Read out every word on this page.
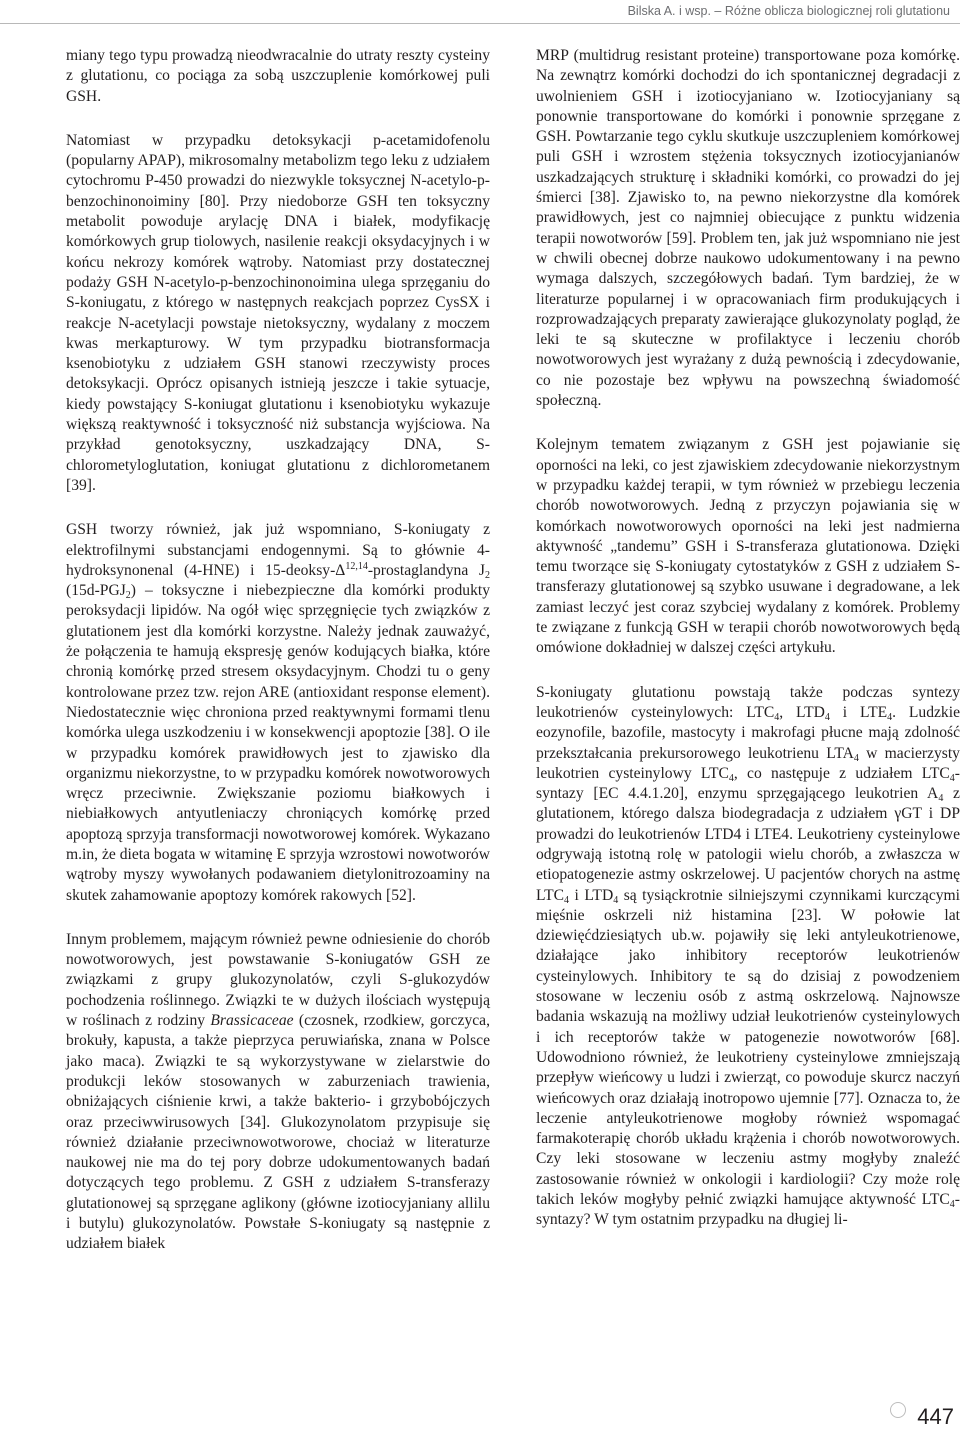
Bilska A. i wsp. – Różne oblicza biologicznej roli glutationu

miany tego typu prowadzą nieodwracalnie do utraty reszty cysteiny z glutationu, co pociąga za sobą uszczuplenie komórkowej puli GSH.

Natomiast w przypadku detoksykacji p-acetamidofenolu (popularny APAP), mikrosomalny metabolizm tego leku z udziałem cytochromu P-450 prowadzi do niezwykle toksycznej N-acetylo-p-benzochinonoiminy [80]. Przy niedoborze GSH ten toksyczny metabolit powoduje arylację DNA i białek, modyfikację komórkowych grup tiolowych, nasilenie reakcji oksydacyjnych i w końcu nekrozy komórek wątroby. Natomiast przy dostatecznej podaży GSH N-acetylo-p-benzochinonoimina ulega sprzęganiu do S-koniugatu, z którego w następnych reakcjach poprzez CysSX i reakcje N-acetylacji powstaje nietoksyczny, wydalany z moczem kwas merkapturowy. W tym przypadku biotransformacja ksenobiotyku z udziałem GSH stanowi rzeczywisty proces detoksykacji. Oprócz opisanych istnieją jeszcze i takie sytuacje, kiedy powstający S-koniugat glutationu i ksenobiotyku wykazuje większą reaktywność i toksyczność niż substancja wyjściowa. Na przykład genotoksyczny, uszkadzający DNA, S-chlorometyloglutation, koniugat glutationu z dichlorometanem [39].

GSH tworzy również, jak już wspomniano, S-koniugaty z elektrofilnymi substancjami endogennymi. Są to głównie 4-hydroksynonenal (4-HNE) i $15-deoksy-\Delta^{12,14}$-prostaglandyna $J_2$ $(15d-PGJ_2)$ – toksyczne i niebezpieczne dla komórki produkty peroksydacji lipidów. Na ogół więc sprzęgnięcie tych związków z glutationem jest dla komórki korzystne. Należy jednak zauważyć, że połączenia te hamują ekspresję genów kodujących białka, które chronią komórkę przed stresem oksydacyjnym. Chodzi tu o geny kontrolowane przez tzw. rejon ARE (antioxidant response element). Niedostatecznie więc chroniona przed reaktywnymi formami tlenu komórka ulega uszkodzeniu i w konsekwencji apoptozie [38]. O ile w przypadku komórek prawidłowych jest to zjawisko dla organizmu niekorzystne, to w przypadku komórek nowotworowych wręcz przeciwnie. Zwiększanie poziomu białkowych i niebiałkowych antyutleniaczy chroniących komórkę przed apoptozą sprzyja transformacji nowotworowej komórek. Wykazano m.in, że dieta bogata w witaminę E sprzyja wzrostowi nowotworów wątroby myszy wywołanych podawaniem dietylonitrozoaminy na skutek zahamowanie apoptozy komórek rakowych [52].

Innym problemem, mającym również pewne odniesienie do chorób nowotworowych, jest powstawanie S-koniugatów GSH ze związkami z grupy glukozynolatów, czyli S-glukozydów pochodzenia roślinnego. Związki te w dużych ilościach występują w roślinach z rodziny Brassicaceae (czosnek, rzodkiew, gorczyca, brokuły, kapusta, a także pieprzyca peruwiańska, znana w Polsce jako maca). Związki te są wykorzystywane w zielarstwie do produkcji leków stosowanych w zaburzeniach trawienia, obniżających ciśnienie krwi, a także bakterio- i grzybobójczych oraz przeciwwirusowych [34]. Glukozynolatom przypisuje się również działanie przeciwnowotworowe, chociaż w literaturze naukowej nie ma do tej pory dobrze udokumentowanych badań dotyczących tego problemu. Z GSH z udziałem S-transferazy glutationowej są sprzęgane aglikony (główne izotiocyjaniany allilu i butylu) glukozynolatów. Powstałe S-koniugaty są następnie z udziałem białek

MRP (multidrug resistant proteine) transportowane poza komórkę. Na zewnątrz komórki dochodzi do ich spontanicznej degradacji z uwolnieniem GSH i izotiocyjaniano w. Izotiocyjaniany są ponownie transportowane do komórki i ponownie sprzęgane z GSH. Powtarzanie tego cyklu skutkuje uszczupleniem komórkowej puli GSH i wzrostem stężenia toksycznych izotiocyjanianów uszkadzających strukturę i składniki komórki, co prowadzi do jej śmierci [38]. Zjawisko to, na pewno niekorzystne dla komórek prawidłowych, jest co najmniej obiecujące z punktu widzenia terapii nowotworów [59]. Problem ten, jak już wspomniano nie jest w chwili obecnej dobrze naukowo udokumentowany i na pewno wymaga dalszych, szczegółowych badań. Tym bardziej, że w literaturze popularnej i w opracowaniach firm produkujących i rozprowadzających preparaty zawierające glukozynolaty pogląd, że leki te są skuteczne w profilaktyce i leczeniu chorób nowotworowych jest wyrażany z dużą pewnością i zdecydowanie, co nie pozostaje bez wpływu na powszechną świadomość społeczną.

Kolejnym tematem związanym z GSH jest pojawianie się oporności na leki, co jest zjawiskiem zdecydowanie niekorzystnym w przypadku każdej terapii, w tym również w przebiegu leczenia chorób nowotworowych. Jedną z przyczyn pojawiania się w komórkach nowotworowych oporności na leki jest nadmierna aktywność „tandemu” GSH i S-transferaza glutationowa. Dzięki temu tworzące się S-koniugaty cytostatyków z GSH z udziałem S-transferazy glutationowej są szybko usuwane i degradowane, a lek zamiast leczyć jest coraz szybciej wydalany z komórek. Problemy te związane z funkcją GSH w terapii chorób nowotworowych będą omówione dokładniej w dalszej części artykułu.

S-koniugaty glutationu powstają także podczas syntezy leukotrienów cysteinylowych: $LTC_4$, $LTD_4$ i $LTE_4$. Ludzkie eozynofile, bazofile, mastocyty i makrofagi płucne mają zdolność przekształcania prekursorowego leukotrienu $LTA_4$ w macierzysty leukotrien cysteinylowy $LTC_4$, co następuje z udziałem $LTC_4$-syntazy [EC 4.4.1.20], enzymu sprzęgającego leukotrien $A_4$ z glutationem, którego dalsza biodegradacja z udziałem γGT i DP prowadzi do leukotrienów LTD4 i LTE4. Leukotrieny cysteinylowe odgrywają istotną rolę w patologii wielu chorób, a zwłaszcza w etiopatogenezie astmy oskrzelowej. U pacjentów chorych na astmę $LTC_4$ i $LTD_4$ są tysiąckrotnie silniejszymi czynnikami kurczącymi mięśnie oskrzeli niż histamina [23]. W połowie lat dziewięćdziesiątych ub.w. pojawiły się leki antyleukotrienowe, działające jako inhibitory receptorów leukotrienów cysteinylowych. Inhibitory te są do dzisiaj z powodzeniem stosowane w leczeniu osób z astmą oskrzelową. Najnowsze badania wskazują na możliwy udział leukotrienów cysteinylowych i ich receptorów także w patogenezie nowotworów [68]. Udowodniono również, że leukotrieny cysteinylowe zmniejszają przepływ wieńcowy u ludzi i zwierząt, co powoduje skurcz naczyń wieńcowych oraz działają inotropowo ujemnie [77]. Oznacza to, że leczenie antyleukotrienowe mogłoby również wspomagać farmakoterapię chorób układu krążenia i chorób nowotworowych. Czy leki stosowane w leczeniu astmy mogłyby znaleźć zastosowanie również w onkologii i kardiologii? Czy może rolę takich leków mogłyby pełnić związki hamujące aktywność $LTC_4$-syntazy? W tym ostatnim przypadku na długiej li-

447
